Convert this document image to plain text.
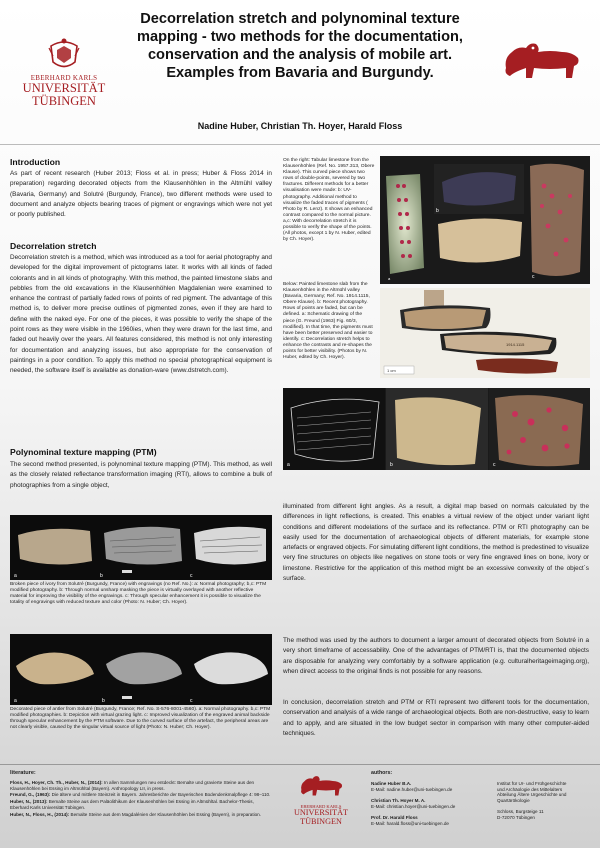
EBERHARD KARLS
UNIVERSITÄT
TÜBINGEN
Decorrelation stretch and polynominal texture mapping - two methods for the documentation, conservation and the analysis of mobile art. Examples from Bavaria and Burgundy.
Nadine Huber, Christian Th. Hoyer, Harald Floss
Introduction
As part of recent research (Huber 2013; Floss et al. in press; Huber & Floss 2014 in preparation) regarding decorated objects from the Klausenhöhlen in the Altmühl valley (Bavaria, Germany) and Solutré (Burgundy, France), two different methods were used to document and analyze objects bearing traces of pigment or engravings which were not yet or poorly published.
Decorrelation stretch
Decorrelation stretch is a method, which was introduced as a tool for aerial photography and developed for the digital improvement of pictograms later. It works with all kinds of faded colorants and in all kinds of photography. With this method, the painted limestone slabs and pebbles from the old excavations in the Klausenhöhlen Magdalenian were examined to enhance the contrast of partially faded rows of points of red pigment. The advantage of this method is, to deliver more precise outlines of pigmented zones, even if they are hard to define with the naked eye. For one of the pieces, it was possible to verify the shape of the point rows as they were visible in the 1960ies, when they were drawn for the last time, and faded out heavily over the years. All features considered, this method is not only interesting for documentation and analyzing issues, but also appropriate for the conservation of paintings in a poor condition. To apply this method no special photographical equipment is needed, the software itself is available as donation-ware (www.dstretch.com).
Polynominal texture mapping (PTM)
The second method presented, is polynominal texture mapping (PTM). This method, as well as the closely related reflectance transformation imaging (RTI), allows to combine a bulk of photographies from a single object,
On the right: Tabular limestone from the Klausenhöhlen (Ref. No. 1957.313, Obere Klause). This curved piece shows two rows of double-points, severed by two fractures. Different methods for a better visualisation were made: b: UV-photography. Additional method to visualize the faded traces of pigments ( Photo by R. Lenz). It shows an enhanced contrast compared to the normal picture. a,c: With decorrelation stretch it is possible to verify the shape of the points. (All photos, except 1 by N. Huber, edited by Ch. Hoyer).
Below: Painted limestone slab from the Klausenhöhlen in the Altmühl valley (Bavaria, Germany; Ref. No. 1914.1115, Obere Klause). b: Recent photography. Rows of points are faded, but can be defined. a: Schematic drawing of the piece (G. Freund (1963) Fig. 60/3, modified). In that time, the pigments must have been better preserved and easier to identify. c: Decorrelation stretch helps to enhance the contrasts and re-shapes the points for better visibility. (Photos by N. Huber, edited by Ch. Hoyer).
a
b
c
1914.1115
1 cm
a	b	c
a	b	c
Broken piece of ivory from Solutré (Burgundy, France) with engravings (no Ref. No.): a: Normal photography; b,c: PTM modified photography. b: Through normal unsharp masking the piece is virtually overlayed with another reflective material for improving the visibility of the engravings. c: Through specular enhancement it is possible to visualize the totality of engravings with reduced texture and color (Photo: N. Huber; Ch. Hoyer).
a	b	c
Decorated piece of antler from Solutré (Burgundy, France; Ref. No. S-576-8001-4560). a: Normal photography. b,c: PTM modified photographies. b: Depiction with virtual grazing light. c: Improved visualization of the engraved animal backside through specular enhancement by the PTM software. Due to the curved surface of the artefact, the peripheral areas are not clearly visible, caused by the singular virtual source of light (Photo: N. Huber; Ch. Hoyer).
illuminated from different light angles. As a result, a digital map based on normals calculated by the differences in light reflections, is created. This enables a virtual review of the object under variant light conditions and different modelations of the surface and its reflectance. PTM or RTI photography can be easily used for the documentation of archaeological objects of different materials, for example stone artefacts or engraved objects. For simulating different light conditions, the method is predestined to visualize very fine structures on objects like negatives on stone tools or very fine engraved lines on bone, ivory or limestone. Restrictive for the application of this method might be an excessive convexity of the object´s surface.
The method was used by the authors to document a larger amount of decorated objects from Solutré in a very short timeframe of accessability. One of the advantages of PTM/RTI is, that the documented objects are disposable for analyzing very comfortably by a software application (e.g. culturalheritageimaging.org), when direct access to the original finds is not possible for any reasons.
In conclusion, decorrelation stretch and PTM or RTI represent two different tools for the documentation, conservation and analysis of a wide range of archaeological objects. Both are non-destructive, easy to learn and to apply, and are situated in the low budget sector in comparison with many other computer-aided techniques.
literature:
Floss, H., Hoyer, Ch. Th., Huber, N., (2014): In allen Sammlungen neu entdeckt: Bemalte und gravierte Steine aus den Klausenhöhlen bei Essing im Altmühltal (Bayern). Anthropology LII, in press.
Freund, G., (1963): Die ältere und mittlere Steinzeit in Bayern. Jahresberichte der Bayerischen Bodendenkmalpflege 4: 98–110.
Huber, N., (2013): Bemalte Steine aus dem Paläolithikum der Klausenhöhlen bei Essing im Altmühltal. Bachelor-Thesis, Eberhard Karls Universität Tübingen.
Huber, N., Floss, H., (2014): Bemalte Steine aus dem Magdalénien der Klausenhöhlen bei Essing (Bayern), in preparation.
EBERHARD KARLS
UNIVERSITÄT
TÜBINGEN
authors:
Nadine Huber B.A.
E-Mail: nadine.huber@uni-tuebingen.de
Christian Th. Hoyer M. A.
E-Mail: christian.hoyer@uni-tuebingen.de
Prof. Dr. Harald Floss
E-Mail: harald.floss@uni-tuebingen.de
Institut für Ur- und Frühgeschichte
und Archäologie des Mittelalters
Abteilung Ältere Urgeschichte und
Quartärökologie
Schloss, Burgsteige 11
D-72070 Tübingen
